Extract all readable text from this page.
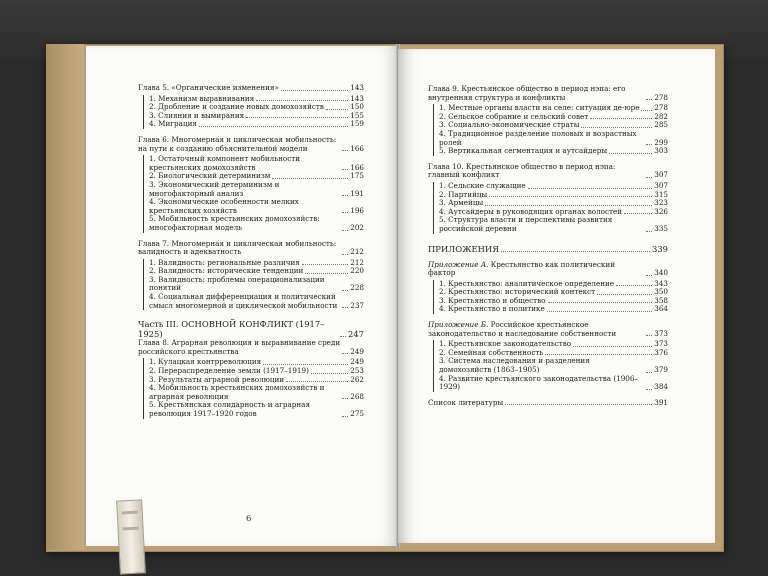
Глава 5. «Органические изменения»	143
1. Механизм выравнивания	143
2. Дробление и создание новых домохозяйств	150
3. Слияния и вымирания	155
4. Миграция	159
Глава 6. Многомерная и циклическая мобильность: на пути к созданию объяснительной модели	166
1. Остаточный компонент мобильности крестьянских домохозяйств	166
2. Биологический детерминизм	175
3. Экономический детерминизм и многофакторный анализ	191
4. Экономические особенности мелких крестьянских хозяйств	196
5. Мобильность крестьянских домохозяйств: многофакторная модель	202
Глава 7. Многомерная и циклическая мобильность: валидность и адекватность	212
1. Валидность: региональные различия	212
2. Валидность: исторические тенденции	220
3. Валидность: проблемы операционализации понятий	228
4. Социальная дифференциация и политический смысл многомерной и циклической мобильности	237
Часть III. ОСНОВНОЙ КОНФЛИКТ (1917–1925)	247
Глава 8. Аграрная революция и выравнивание среди российского крестьянства	249
1. Кулацкая контрреволюция	249
2. Перераспределение земли (1917–1919)	253
3. Результаты аграрной революции	262
4. Мобильность крестьянских домохозяйств и аграрная революция	268
5. Крестьянская солидарность и аграрная революция 1917–1920 годов	275
6
Глава 9. Крестьянское общество в период нэпа: его внутренняя структура и конфликты	278
1. Местные органы власти на селе: ситуация де-юре 278
2. Сельское собрание и сельский совет	282
3. Социально-экономические страты	285
4. Традиционное разделение половых и возрастных ролей	299
5. Вертикальная сегментация и аутсайдеры	303
Глава 10. Крестьянское общество в период нэпа: главный конфликт	307
1. Сельские служащие	307
2. Партийцы	315
3. Армейцы	323
4. Аутсайдеры в руководящих органах волостей	326
5. Структура власти и перспективы развития российской деревни	335
ПРИЛОЖЕНИЯ	339
Приложение А. Крестьянство как политический фактор	340
1. Крестьянство: аналитическое определение	343
2. Крестьянство: исторический контекст	350
3. Крестьянство и общество	358
4. Крестьянство в политике	364
Приложение Б. Российское крестьянское законодательство и наследование собственности	373
1. Крестьянское законодательство	373
2. Семейная собственность	376
3. Система наследования и разделения домохозяйств (1863–1905)	379
4. Развитие крестьянского законодательства (1906–1929)	384
Список литературы	391
